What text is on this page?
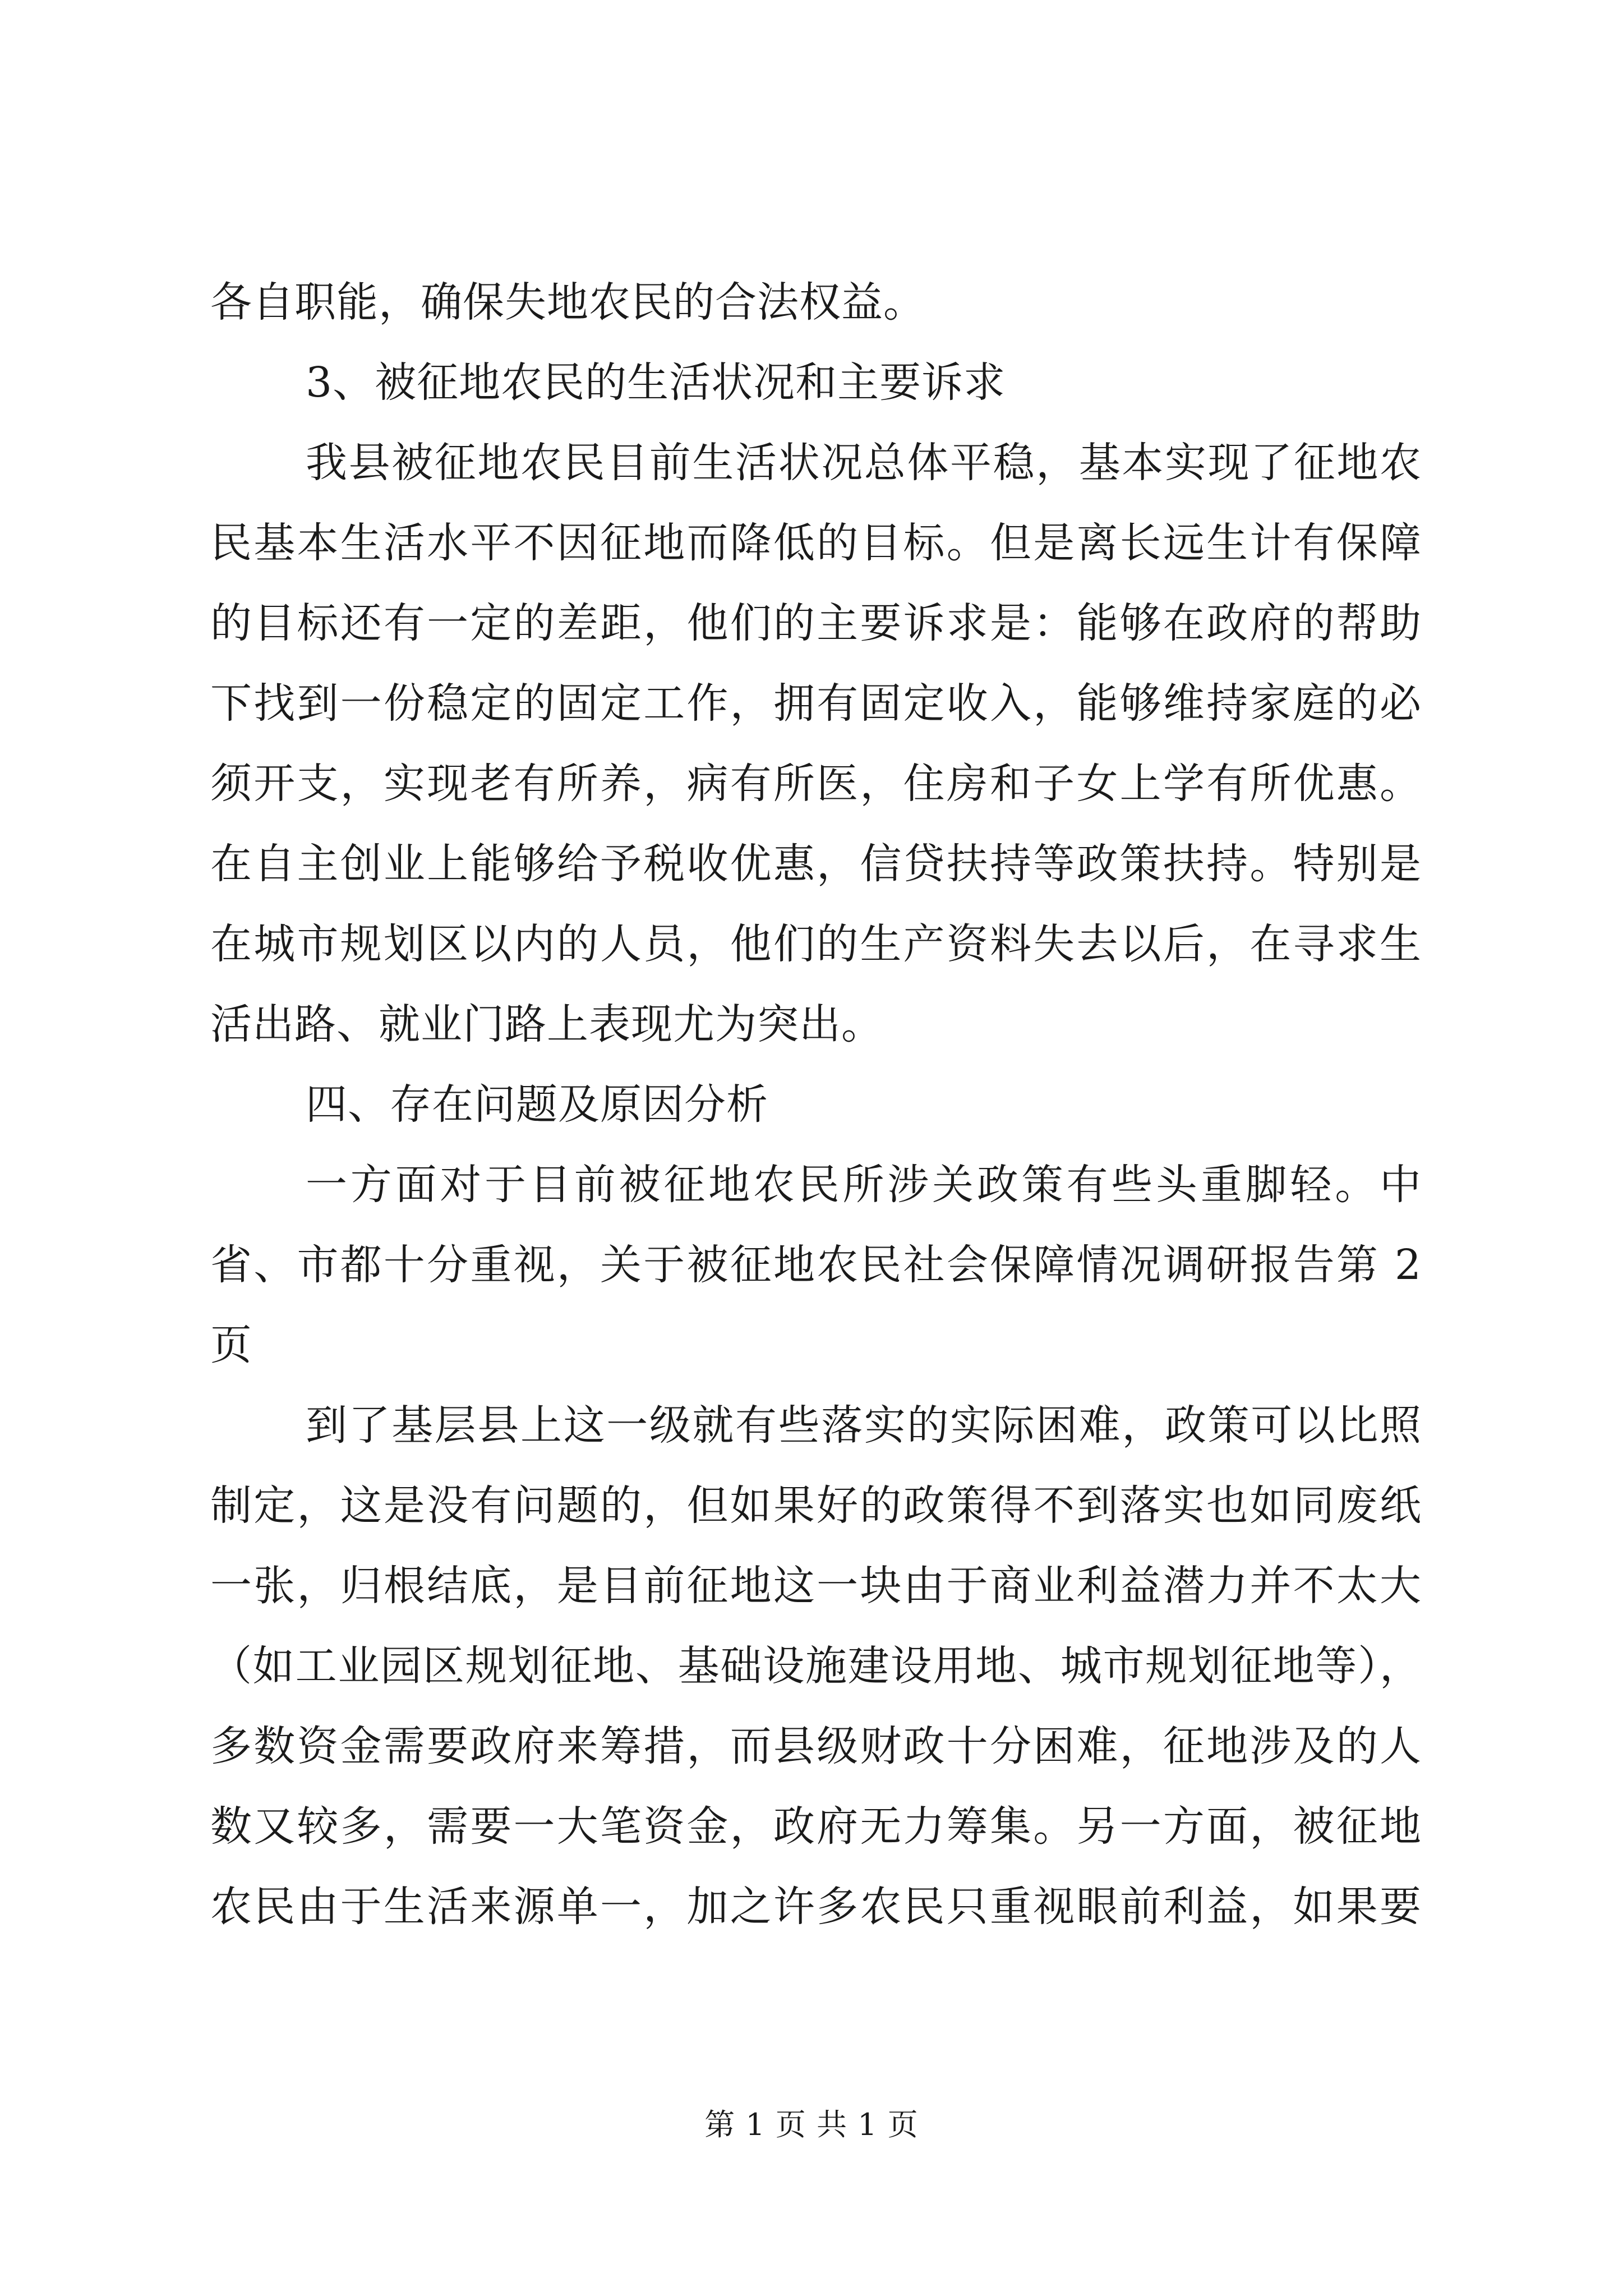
各自职能，确保失地农民的合法权益。
3、被征地农民的生活状况和主要诉求
我县被征地农民目前生活状况总体平稳，基本实现了征地农
民基本生活水平不因征地而降低的目标。但是离长远生计有保障
的目标还有一定的差距，他们的主要诉求是：能够在政府的帮助
下找到一份稳定的固定工作，拥有固定收入，能够维持家庭的必
须开支，实现老有所养，病有所医，住房和子女上学有所优惠。
在自主创业上能够给予税收优惠，信贷扶持等政策扶持。特别是
在城市规划区以内的人员，他们的生产资料失去以后，在寻求生
活出路、就业门路上表现尤为突出。
四、存在问题及原因分析
一方面对于目前被征地农民所涉关政策有些头重脚轻。中
省、市都十分重视，关于被征地农民社会保障情况调研报告第 2
页
到了基层县上这一级就有些落实的实际困难，政策可以比照
制定，这是没有问题的，但如果好的政策得不到落实也如同废纸
一张，归根结底，是目前征地这一块由于商业利益潜力并不太大
（如工业园区规划征地、基础设施建设用地、城市规划征地等），
多数资金需要政府来筹措，而县级财政十分困难，征地涉及的人
数又较多，需要一大笔资金，政府无力筹集。另一方面，被征地
农民由于生活来源单一，加之许多农民只重视眼前利益，如果要
第 1 页 共 1 页
